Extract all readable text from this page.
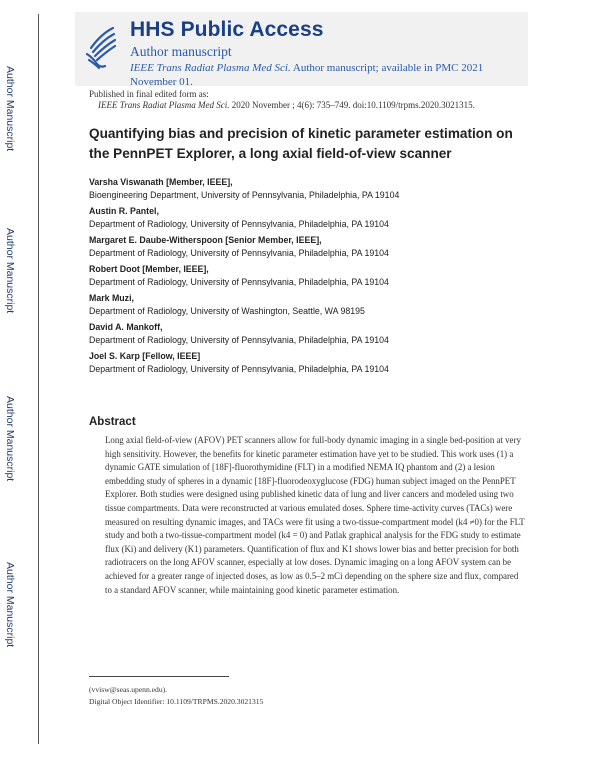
Author Manuscript
Author Manuscript
Author Manuscript
Author Manuscript
HHS Public Access
Author manuscript
IEEE Trans Radiat Plasma Med Sci. Author manuscript; available in PMC 2021 November 01.
Published in final edited form as:
IEEE Trans Radiat Plasma Med Sci. 2020 November ; 4(6): 735–749. doi:10.1109/trpms.2020.3021315.
Quantifying bias and precision of kinetic parameter estimation on the PennPET Explorer, a long axial field-of-view scanner
Varsha Viswanath [Member, IEEE],
Bioengineering Department, University of Pennsylvania, Philadelphia, PA 19104
Austin R. Pantel,
Department of Radiology, University of Pennsylvania, Philadelphia, PA 19104
Margaret E. Daube-Witherspoon [Senior Member, IEEE],
Department of Radiology, University of Pennsylvania, Philadelphia, PA 19104
Robert Doot [Member, IEEE],
Department of Radiology, University of Pennsylvania, Philadelphia, PA 19104
Mark Muzi,
Department of Radiology, University of Washington, Seattle, WA 98195
David A. Mankoff,
Department of Radiology, University of Pennsylvania, Philadelphia, PA 19104
Joel S. Karp [Fellow, IEEE]
Department of Radiology, University of Pennsylvania, Philadelphia, PA 19104
Abstract
Long axial field-of-view (AFOV) PET scanners allow for full-body dynamic imaging in a single bed-position at very high sensitivity. However, the benefits for kinetic parameter estimation have yet to be studied. This work uses (1) a dynamic GATE simulation of [18F]-fluorothymidine (FLT) in a modified NEMA IQ phantom and (2) a lesion embedding study of spheres in a dynamic [18F]-fluorodeoxyglucose (FDG) human subject imaged on the PennPET Explorer. Both studies were designed using published kinetic data of lung and liver cancers and modeled using two tissue compartments. Data were reconstructed at various emulated doses. Sphere time-activity curves (TACs) were measured on resulting dynamic images, and TACs were fit using a two-tissue-compartment model (k4 ≠0) for the FLT study and both a two-tissue-compartment model (k4 = 0) and Patlak graphical analysis for the FDG study to estimate flux (Ki) and delivery (K1) parameters. Quantification of flux and K1 shows lower bias and better precision for both radiotracers on the long AFOV scanner, especially at low doses. Dynamic imaging on a long AFOV system can be achieved for a greater range of injected doses, as low as 0.5–2 mCi depending on the sphere size and flux, compared to a standard AFOV scanner, while maintaining good kinetic parameter estimation.
(vvisw@seas.upenn.edu).
Digital Object Identifier: 10.1109/TRPMS.2020.3021315
